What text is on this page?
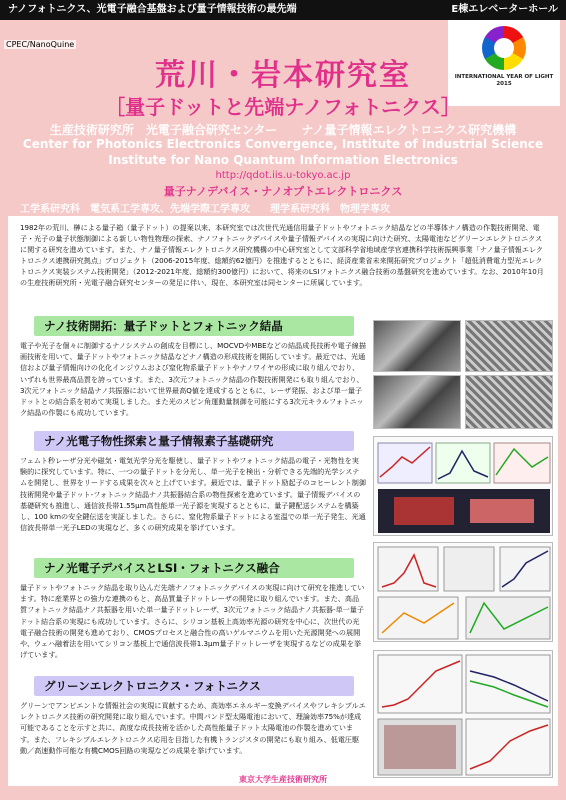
ナノフォトニクス、光電子融合基盤および量子情報技術の最先端	E棟エレベーターホール
CPEC/NanoQuine
INTERNATIONAL YEAR OF LIGHT 2015
荒川・岩本研究室
［量子ドットと先端ナノフォトニクス］
生産技術研究所　光電子融合研究センター　　ナノ量子情報エレクトロニクス研究機構
Center for Photonics Electronics Convergence, Institute of Industrial Science
Institute for Nano Quantum Information Electronics
http://qdot.iis.u-tokyo.ac.jp
量子ナノデバイス・ナノオプトエレクトロニクス
工学系研究科　電気系工学専攻、先端学際工学専攻　　理学系研究科　物理学専攻
1982年の荒川、榊による量子箱（量子ドット）の提案以来、本研究室では次世代光通信用量子ドットやフォトニック結晶などの半導体ナノ構造の作製技術開発、電子・光子の量子状態制御による新しい物性物理の探索、ナノフォトニックデバイスや量子情報デバイスの実現に向けた研究、太陽電池などグリーンエレクトロニクスに関する研究を進めています。また、ナノ量子情報エレクトロニクス研究機構の中心研究室として文部科学省地域産学官連携科学技術振興事業「ナノ量子情報エレクトロニクス連携研究拠点」プロジェクト（2006-2015年度、総額約62億円）を推進するとともに、経済産業省未来開拓研究プロジェクト「超低消費電力型光エレクトロニクス実装システム技術開発」（2012-2021年度、総額約300億円）において、将来のLSIフォトニクス融合技術の基盤研究を進めています。なお、2010年10月の生産技術研究所・光電子融合研究センターの発足に伴い、現在、本研究室は同センターに所属しています。
ナノ技術開拓：量子ドットとフォトニック結晶
電子や光子を個々に制御するナノシステムの創成を目標にし、MOCVDやMBEなどの結晶成長技術や電子線描画技術を用いて、量子ドットやフォトニック結晶などナノ構造の形成技術を開拓しています。最近では、光通信および量子情報向けの化化インジウムおよび窒化物系量子ドットやナノワイヤの形成に取り組んでおり、いずれも世界最高品質を誇っています。また、3次元フォトニック結晶の作製技術開発にも取り組んでおり、3次元フォトニック結晶ナノ共振器において世界最高Q値を達成するとともに、レーザ発振、および単一量子ドットとの結合系を初めて実現しました。また光のスピン角運動量制御を可能にする3次元キラルフォトニック結晶の作製にも成功しています。
ナノ光電子物性探索と量子情報素子基礎研究
フェムト秒レーザ分光や磁気・電気光学分光を駆使し、量子ドットやフォトニック結晶の電子・光物性を実験的に探究しています。特に、一つの量子ドットを分光し、単一光子を検出・分析できる先端的光学システムを開発し、世界をリードする成果を次々と上げています。最近では、量子ドット励起子のコヒーレント制御技術開発や量子ドット-フォトニック結晶ナノ共振器結合系の物性探索を進めています。量子情報デバイスの基礎研究も推進し、通信波長帯1.55μm高性能単一光子源を実現するとともに、量子鍵配送システムを構築し、100 kmの安全鍵伝送を実証しました。さらに、窒化物系量子ドットによる室温での単一光子発生、光通信波長帯単一光子LEDの実現など、多くの研究成果を挙げています。
ナノ光電子デバイスとLSI・フォトニクス融合
量子ドットやフォトニック結晶を取り込んだ先端ナノフォトニックデバイスの実現に向けて研究を推進しています。特に産業界との強力な連携のもと、高品質量子ドットレーザの開発に取り組んでいます。また、高品質フォトニック結晶ナノ共振器を用いた単一量子ドットレーザ、3次元フォトニック結晶ナノ共振器-単一量子ドット結合系の実現にも成功しています。さらに、シリコン基板上高効率光源の研究を中心に、次世代の光電子融合技術の開発も進めており、CMOSプロセスと融合性の高いゲルマニウムを用いた光源開発への展開や、ウェハ融着法を用いてシリコン基板上で通信波長帯1.3μm量子ドットレーザを実現するなどの成果を挙げています。
グリーンエレクトロニクス・フォトニクス
グリーンでアンビエントな情報社会の実現に貢献するため、高効率エネルギー変換デバイスやフレキシブルエレクトロニクス技術の研究開発に取り組んでいます。中間バンド型太陽電池において、理論効率75%が達成可能であることを示すと共に、高度な成長技術を活かした高性能量子ドット太陽電池の作製を進めています。また、フレキシブルエレクトロニクス応用を目指した有機トランジスタの開発にも取り組み、低電圧駆動／高速動作可能な有機CMOS回路の実現などの成果を挙げています。
東京大学生産技術研究所
